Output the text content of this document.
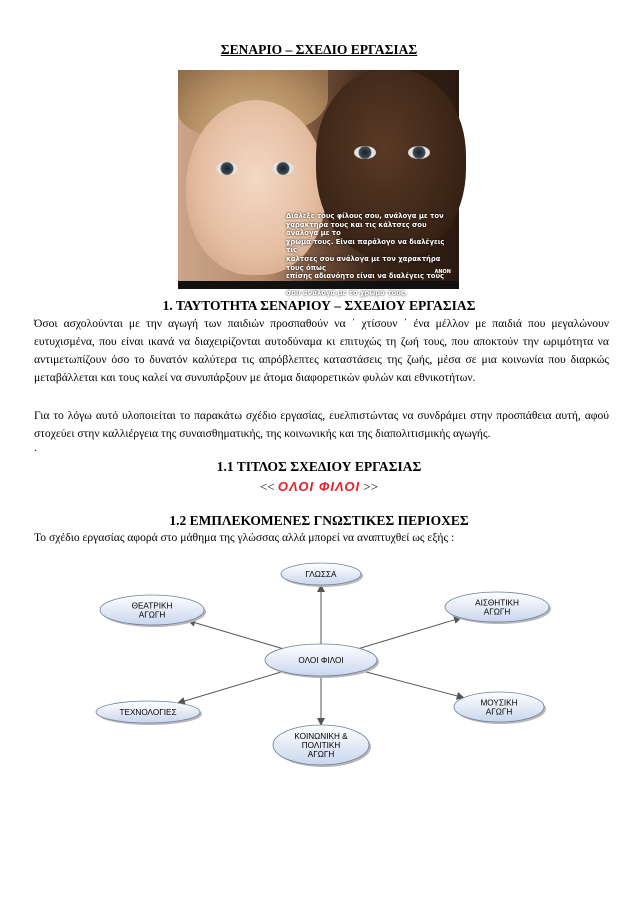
ΣΕΝΑΡΙΟ – ΣΧΕΔΙΟ ΕΡΓΑΣΙΑΣ
Διάλεξε τους φίλους σου, ανάλογα με τον
χαρακτήρα τους και τις κάλτσες σου ανάλογα με το
χρώμα τους. Είναι παράλογο να διαλέγεις τις
κάλτσες σου ανάλογα με τον χαρακτήρα τους όπως
επίσης αδιανόητο είναι να διαλέγεις τους
σου ανάλογα με το χρώμα τους.
ΑΝΟΝ
1. ΤΑΥΤΟΤΗΤΑ ΣΕΝΑΡΙΟΥ – ΣΧΕΔΙΟΥ ΕΡΓΑΣΙΑΣ
Όσοι ασχολούνται με την αγωγή των παιδιών προσπαθούν να ΄ χτίσουν ΄ ένα μέλλον με παιδιά που μεγαλώνουν ευτυχισμένα, που είναι ικανά να διαχειρίζονται αυτοδύναμα κι επιτυχώς τη ζωή τους, που αποκτούν την ωριμότητα να αντιμετωπίζουν όσο το δυνατόν καλύτερα τις απρόβλεπτες καταστάσεις της ζωής, μέσα σε μια κοινωνία που διαρκώς μεταβάλλεται και τους καλεί να συνυπάρξουν με άτομα διαφορετικών φυλών και εθνικοτήτων.
Για το λόγω αυτό υλοποιείται το παρακάτω σχέδιο εργασίας, ευελπιστώντας να συνδράμει στην προσπάθεια αυτή, αφού στοχεύει στην καλλιέργεια της συναισθηματικής, της κοινωνικής και της διαπολιτισμικής αγωγής.
.
1.1 ΤΙΤΛΟΣ ΣΧΕΔΙΟΥ ΕΡΓΑΣΙΑΣ
<< ΟΛΟΙ ΦΙΛΟΙ >>
1.2 ΕΜΠΛΕΚΟΜΕΝΕΣ ΓΝΩΣΤΙΚΕΣ ΠΕΡΙΟΧΕΣ
Το σχέδιο εργασίας αφορά στο μάθημα της γλώσσας αλλά μπορεί να αναπτυχθεί ως εξής :
ΟΛΟΙ ΦΙΛΟΙ
ΓΛΩΣΣΑ
ΘΕΑΤΡΙΚΗ
ΑΓΩΓΗ
ΑΙΣΘΗΤΙΚΗ
ΑΓΩΓΗ
ΤΕΧΝΟΛΟΓΙΕΣ
ΜΟΥΣΙΚΗ
ΑΓΩΓΗ
ΚΟΙΝΩΝΙΚΗ &
ΠΟΛΙΤΙΚΗ
ΑΓΩΓΗ
